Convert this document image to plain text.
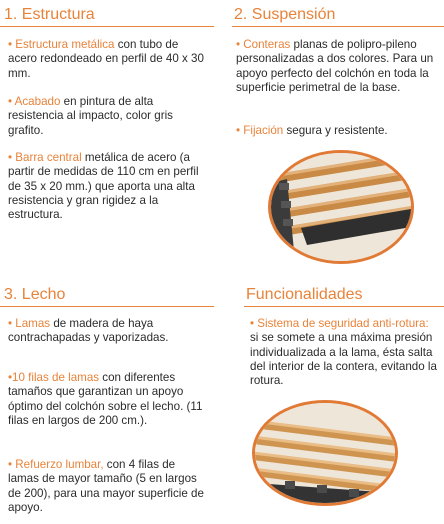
1. Estructura

• Estructura metálica con tubo de acero redondeado en perfil de 40 x 30 mm.

• Acabado en pintura de alta resistencia al impacto, color gris grafito.

• Barra central metálica de acero (a partir de medidas de 110 cm en perfil de 35 x 20 mm.) que aporta una alta resistencia y gran rigidez a la estructura.

2. Suspensión

• Conteras planas de polipro-pileno personalizadas a dos colores. Para un apoyo perfecto del colchón en toda la superficie perimetral de la base.

• Fijación segura y resistente.

3. Lecho

• Lamas de madera de haya contrachapadas y vaporizadas.

•10 filas de lamas con diferentes tamaños que garantizan un apoyo óptimo del colchón sobre el lecho. (11 filas en largos de 200 cm.).

• Refuerzo lumbar, con 4 filas de lamas de mayor tamaño (5 en largos de 200), para una mayor superficie de apoyo.

Funcionalidades

• Sistema de seguridad anti-rotura: si se somete a una máxima presión individualizada a la lama, ésta salta del interior de la contera, evitando la rotura.
